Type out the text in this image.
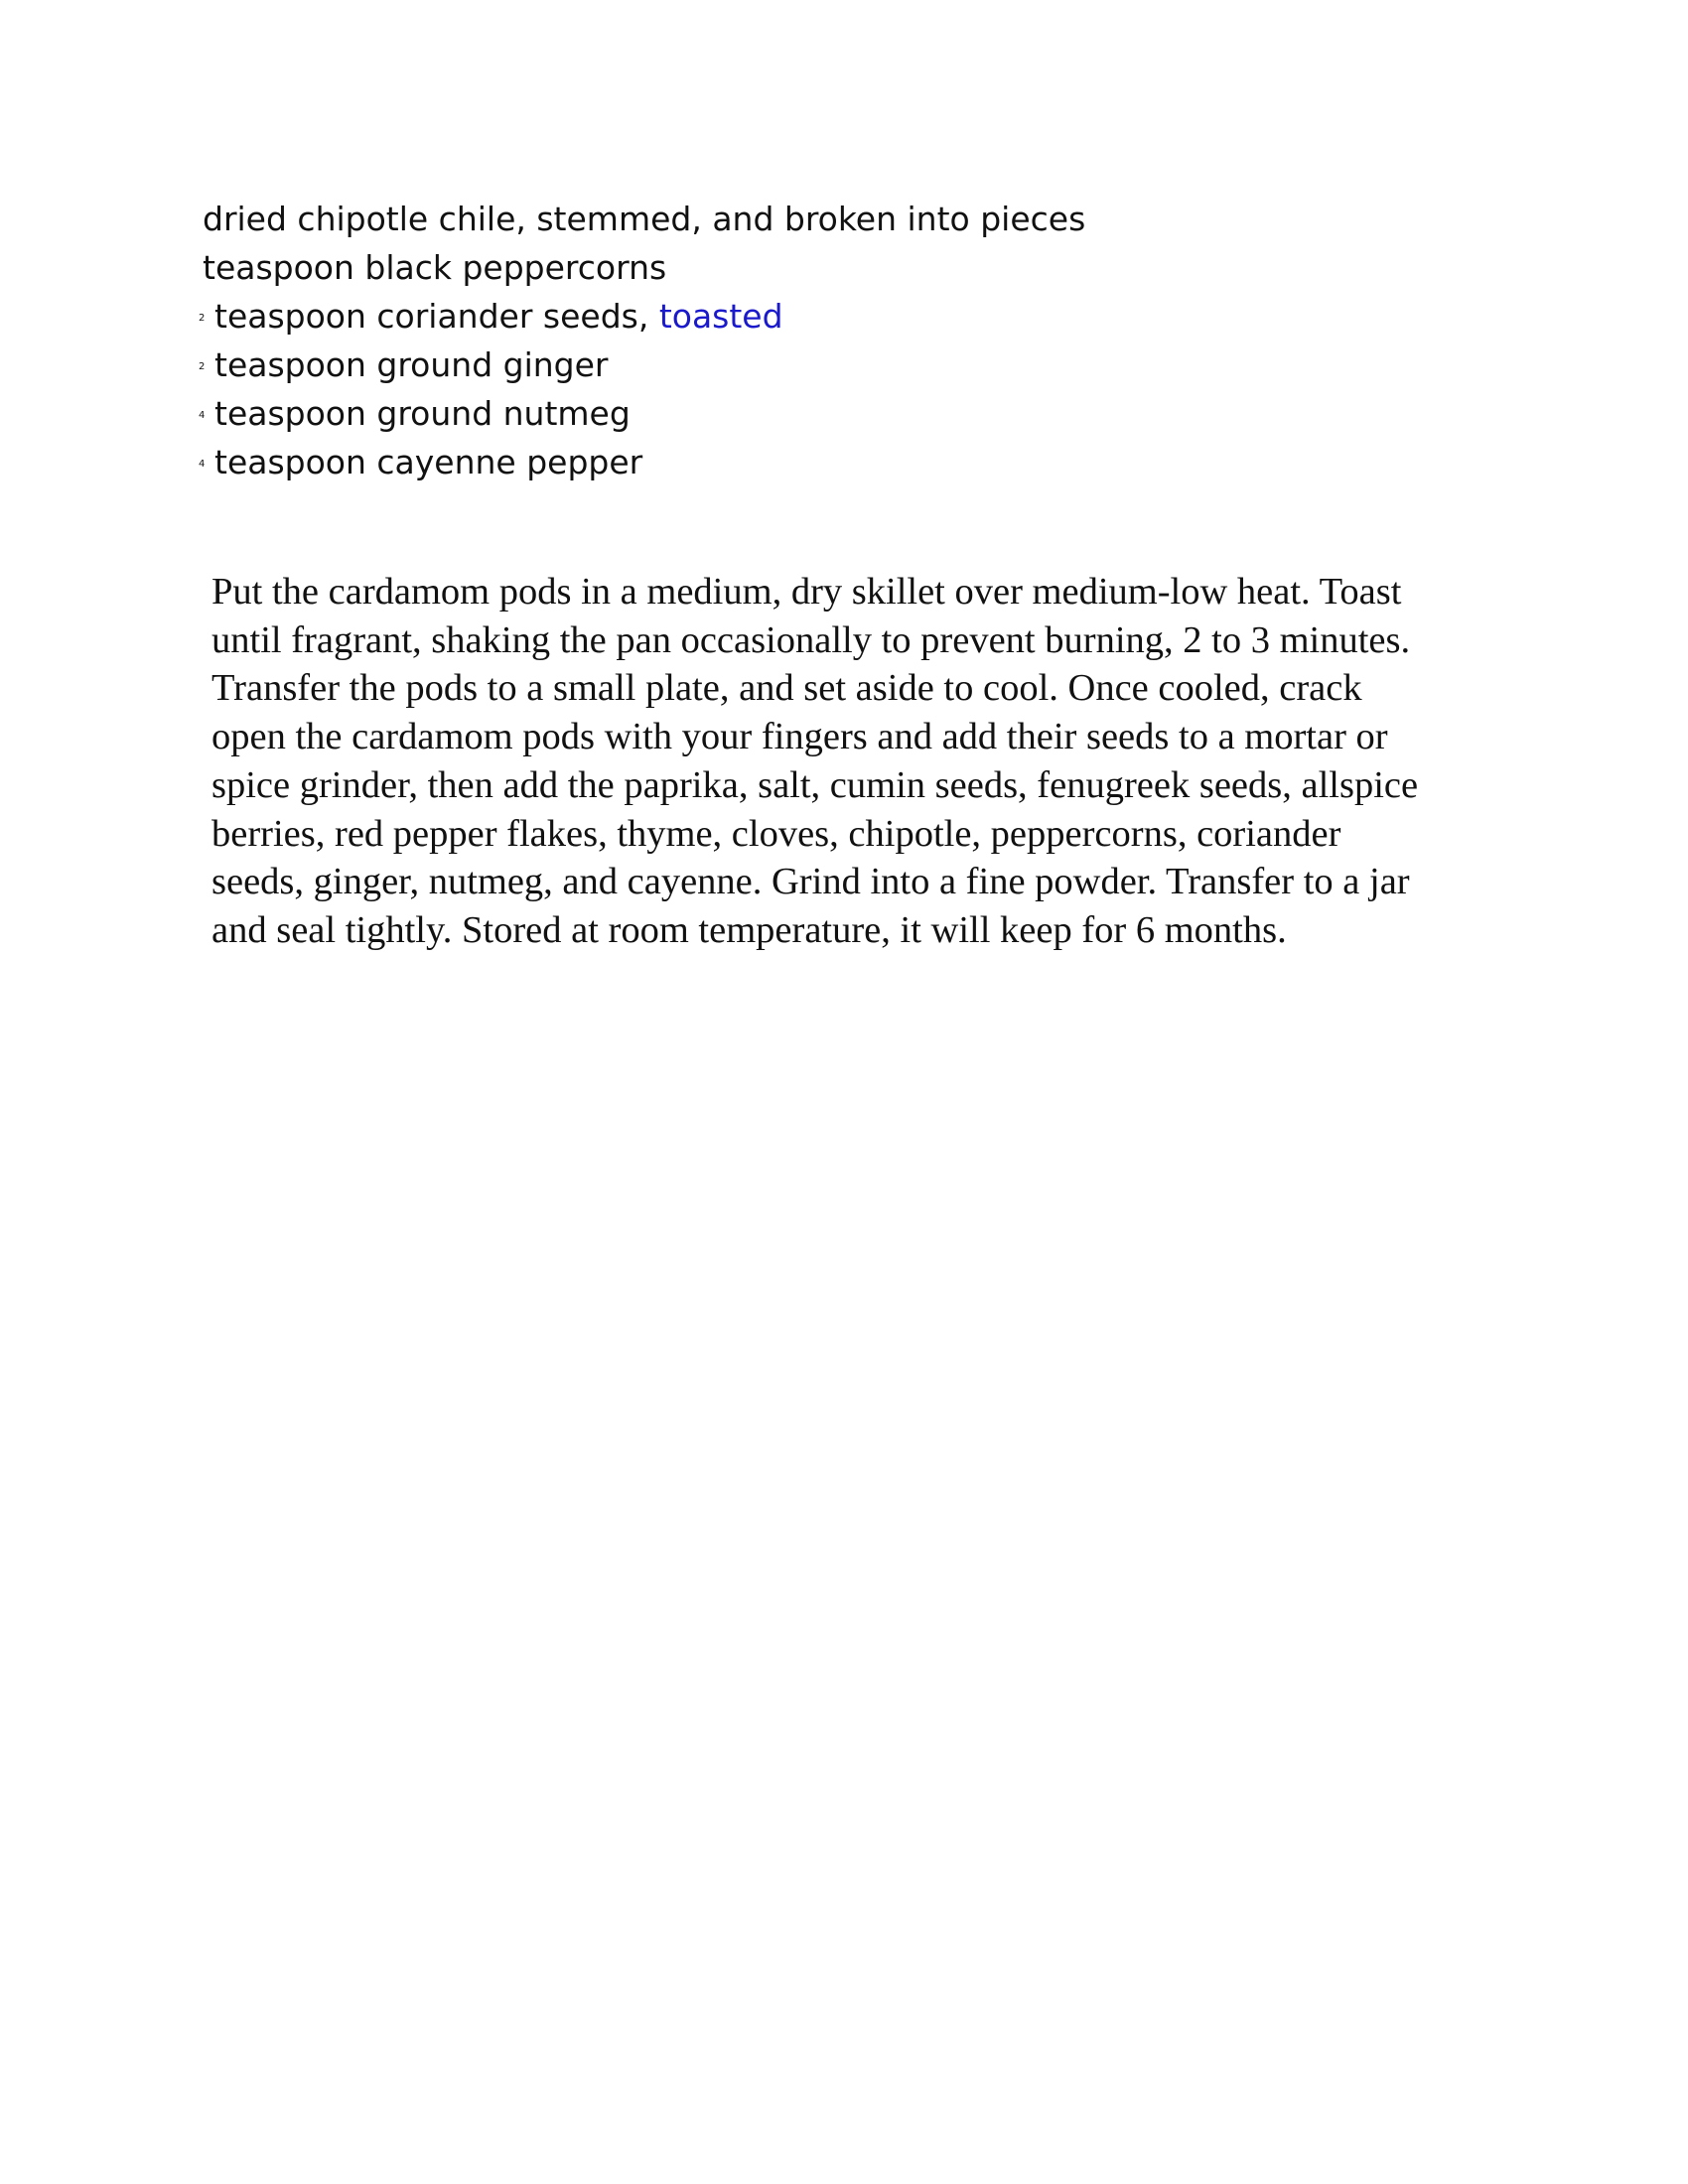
dried chipotle chile, stemmed, and broken into pieces
teaspoon black peppercorns
2 teaspoon coriander seeds, toasted
2 teaspoon ground ginger
4 teaspoon ground nutmeg
4 teaspoon cayenne pepper

Put the cardamom pods in a medium, dry skillet over medium-low heat. Toast
until fragrant, shaking the pan occasionally to prevent burning, 2 to 3 minutes.
Transfer the pods to a small plate, and set aside to cool. Once cooled, crack
open the cardamom pods with your fingers and add their seeds to a mortar or
spice grinder, then add the paprika, salt, cumin seeds, fenugreek seeds, allspice
berries, red pepper flakes, thyme, cloves, chipotle, peppercorns, coriander
seeds, ginger, nutmeg, and cayenne. Grind into a fine powder. Transfer to a jar
and seal tightly. Stored at room temperature, it will keep for 6 months.
